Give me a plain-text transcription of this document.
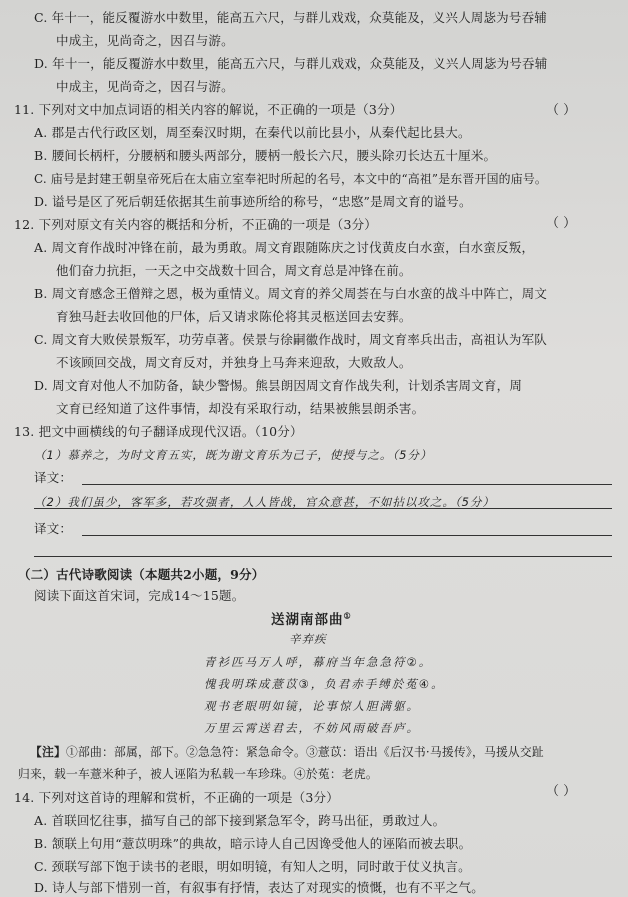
C. 年十一，能反覆游水中数里，能高五六尺，与群儿戏戏，众莫能及，义兴人周毖为号吞辅
中成主，见尚奇之，因召与游。
D. 年十一，能反覆游水中数里，能高五六尺，与群儿戏戏，众莫能及，义兴人周毖为号吞辅
中成主，见尚奇之，因召与游。
11. 下列对文中加点词语的相关内容的解说，不正确的一项是（3分）	（ ）
A. 郡是古代行政区划，周至秦汉时期，在秦代以前比县小，从秦代起比县大。
B. 腰间长柄杆，分腰柄和腰头两部分，腰柄一般长六尺，腰头除刃长达五十厘米。
C. 庙号是封建王朝皇帝死后在太庙立室奉祀时所起的名号，本文中的“高祖”是东晋开国的庙号。
D. 谥号是区了死后朝廷依据其生前事迹所给的称号，“忠愍”是周文育的谥号。
12. 下列对原文有关内容的概括和分析，不正确的一项是（3分）	（ ）
A. 周文育作战时冲锋在前，最为勇敢。周文育跟随陈庆之讨伐黄皮白水蛮，白水蛮反叛，
他们奋力抗拒，一天之中交战数十回合，周文育总是冲锋在前。
B. 周文育感念王僧辩之恩，极为重情义。周文育的养父周荟在与白水蛮的战斗中阵亡，周文
育独马赶去收回他的尸体，后又请求陈伦将其灵柩送回去安葬。
C. 周文育大败侯景叛军，功劳卓著。侯景与徐嗣徽作战时，周文育率兵出击，高祖认为军队
不该顾回交战，周文育反对，并独身上马奔来迎敌，大败敌人。
D. 周文育对他人不加防备，缺少警惕。熊昙朗因周文育作战失利，计划杀害周文育，周
文育已经知道了这件事情，却没有采取行动，结果被熊昙朗杀害。
13. 把文中画横线的句子翻译成现代汉语。（10分）
（1）慕养之，为时文育五实，既为谢文育乐为己子，使授与之。（5分）
译文：
（2）我们虽少，客军多，若攻强者，人人皆战，官众意甚，不如拈以攻之。（5分）
译文：
（二）古代诗歌阅读（本题共2小题，9分）
阅读下面这首宋词，完成14～15题。
送湖南部曲①
辛弃疾
青衫匹马万人呼，幕府当年急急符②。
愧我明珠成薏苡③，负君赤手缚於菟④。
观书老眼明如镜，论事惊人胆满躯。
万里云霄送君去，不妨风雨破吾庐。
【注】①部曲：部属，部下。②急急符：紧急命令。③薏苡：语出《后汉书·马援传》，马援从交趾
归来，载一车薏米种子，被人诬陷为私载一车珍珠。④於菟：老虎。
14. 下列对这首诗的理解和赏析，不正确的一项是（3分）	（ ）
A. 首联回忆往事，描写自己的部下接到紧急军令，跨马出征，勇敢过人。
B. 颔联上句用“薏苡明珠”的典故，暗示诗人自己因谗受他人的诬陷而被去职。
C. 颈联写部下饱于读书的老眼，明如明镜，有知人之明，同时敢于仗义执言。
D. 诗人与部下惜别一首，有叙事有抒情，表达了对现实的愤慨，也有不平之气。
